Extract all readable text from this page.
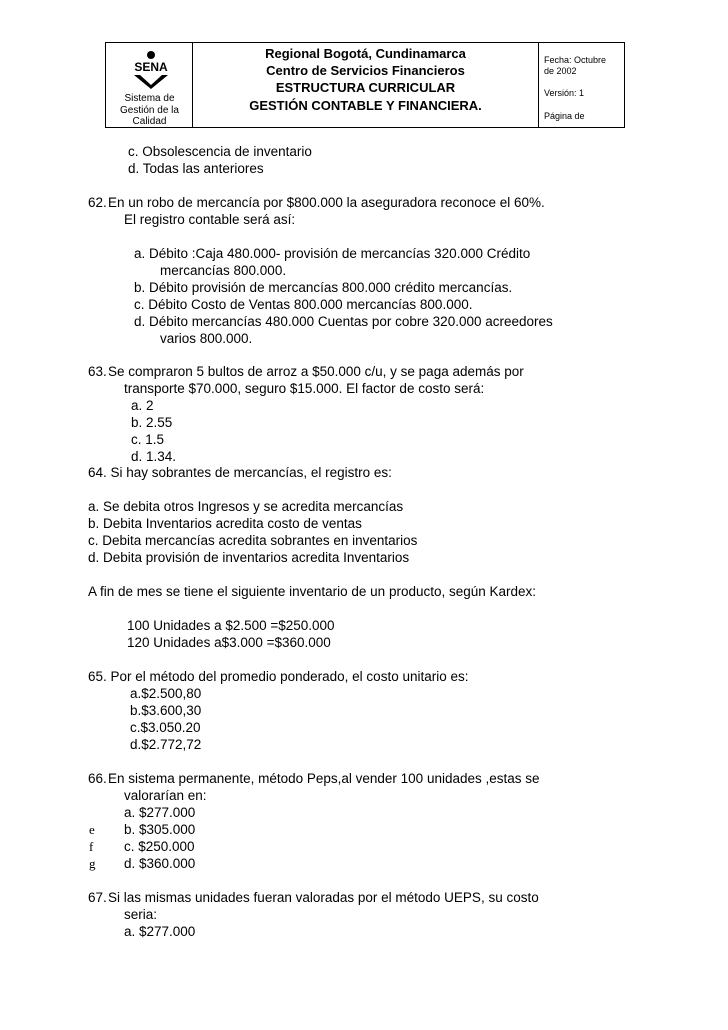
SENA
Sistema de
Gestión de la
Calidad
Regional Bogotá, Cundinamarca
Centro de Servicios Financieros
ESTRUCTURA CURRICULAR
GESTIÓN CONTABLE Y FINANCIERA.
Fecha: Octubre
de 2002
Versión: 1
Página de
c. Obsolescencia de inventario
d. Todas las anteriores
62. En un robo de mercancía por $800.000 la aseguradora reconoce el 60%.
El registro contable será así:
a. Débito :Caja 480.000- provisión de mercancías 320.000 Crédito
mercancías 800.000.
b. Débito provisión de mercancías 800.000 crédito mercancías.
c. Débito Costo de Ventas 800.000 mercancías 800.000.
d. Débito mercancías 480.000 Cuentas por cobre 320.000 acreedores
varios 800.000.
63. Se compraron 5 bultos de arroz a $50.000 c/u, y se paga además por
transporte $70.000, seguro $15.000. El factor de costo será:
a. 2
b. 2.55
c. 1.5
d. 1.34.
64. Si hay sobrantes de mercancías, el registro es:
a. Se debita otros Ingresos y se acredita mercancías
b. Debita Inventarios acredita costo de ventas
c. Debita mercancías acredita sobrantes en inventarios
d. Debita provisión de inventarios acredita Inventarios
A fin de mes se tiene el siguiente inventario de un producto, según Kardex:
100 Unidades a $2.500 =$250.000
120 Unidades a$3.000 =$360.000
65. Por el método del promedio ponderado, el costo unitario es:
a.$2.500,80
b.$3.600,30
c.$3.050.20
d.$2.772,72
66. En sistema permanente, método Peps,al vender 100 unidades ,estas se
valorarían en:
a. $277.000
e b. $305.000
f c. $250.000
g d. $360.000
67. Si las mismas unidades fueran valoradas por el método UEPS, su costo
seria:
a. $277.000
